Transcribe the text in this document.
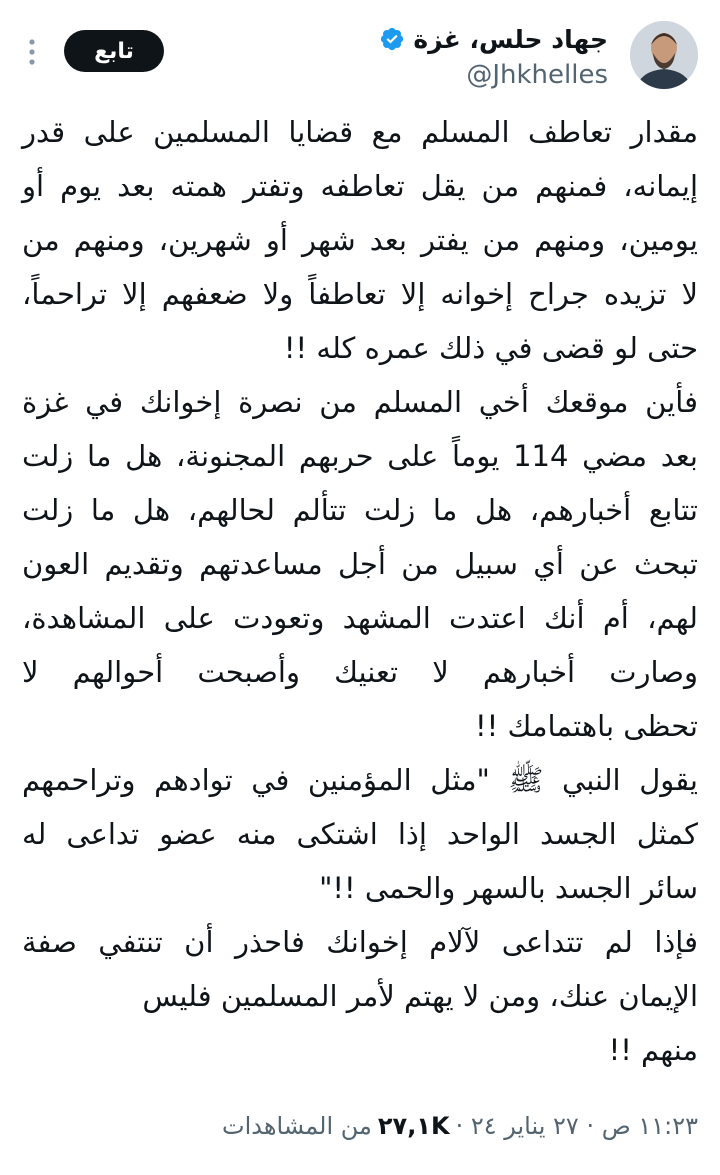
جهاد حلس، غزة
@Jhkhelles
تابع
مقدار تعاطف المسلم مع قضايا المسلمين على قدر
إيمانه، فمنهم من يقل تعاطفه وتفتر همته بعد يوم أو
يومين، ومنهم من يفتر بعد شهر أو شهرين، ومنهم من
لا تزيده جراح إخوانه إلا تعاطفاً ولا ضعفهم إلا تراحماً،
حتى لو قضى في ذلك عمره كله !!
فأين موقعك أخي المسلم من نصرة إخوانك في غزة
بعد مضي 114 يوماً على حربهم المجنونة، هل ما زلت
تتابع أخبارهم، هل ما زلت تتألم لحالهم، هل ما زلت
تبحث عن أي سبيل من أجل مساعدتهم وتقديم العون
لهم، أم أنك اعتدت المشهد وتعودت على المشاهدة،
وصارت أخبارهم لا تعنيك وأصبحت أحوالهم لا
تحظى باهتمامك !!
يقول النبي ﷺ "مثل المؤمنين في توادهم وتراحمهم
كمثل الجسد الواحد إذا اشتكى منه عضو تداعى له
سائر الجسد بالسهر والحمى !!"
فإذا لم تتداعى لآلام إخوانك فاحذر أن تنتفي صفة
الإيمان عنك، ومن لا يهتم لأمر المسلمين فليس
منهم !!
١١:٢٣ ص · ٢٧ يناير ٢٤ ·
٢٧,١K
من المشاهدات
